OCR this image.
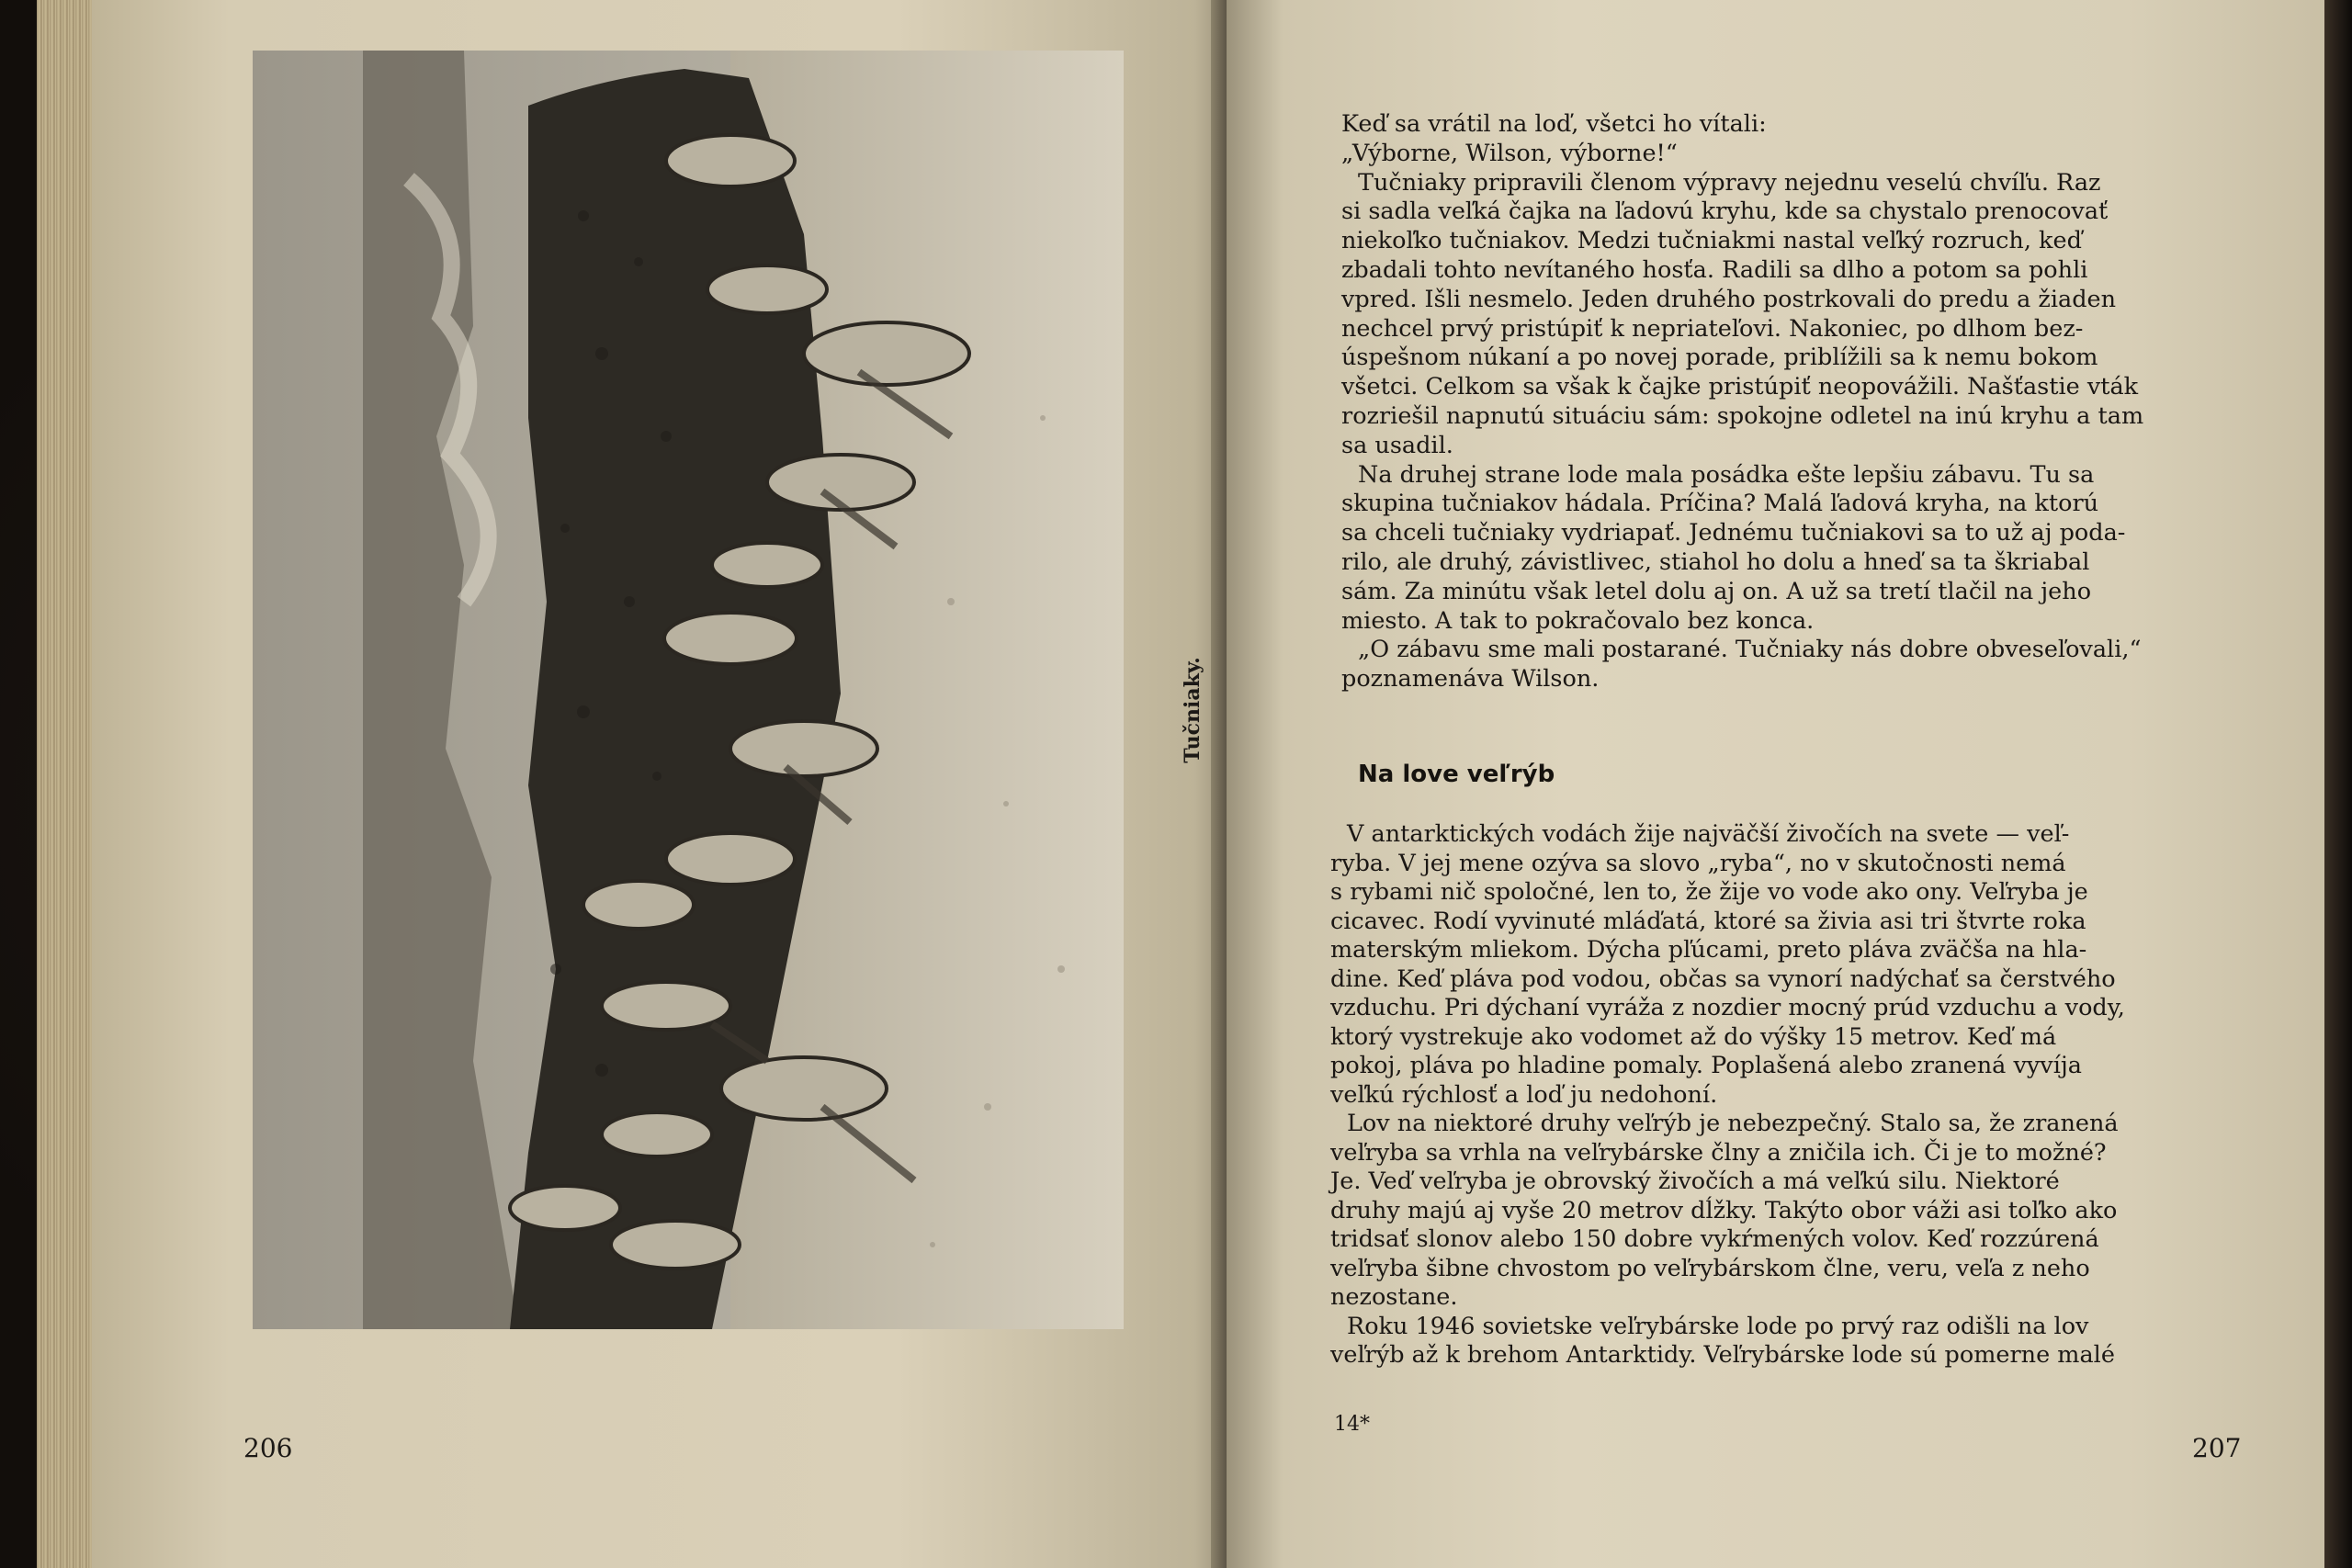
Tučniaky.
206
Keď sa vrátil na loď, všetci ho vítali:
„Výborne, Wilson, výborne!“
Tučniaky pripravili členom výpravy nejednu veselú chvíľu. Raz
si sadla veľká čajka na ľadovú kryhu, kde sa chystalo prenocovať
niekoľko tučniakov. Medzi tučniakmi nastal veľký rozruch, keď
zbadali tohto nevítaného hosťa. Radili sa dlho a potom sa pohli
vpred. Išli nesmelo. Jeden druhého postrkovali do predu a žiaden
nechcel prvý pristúpiť k nepriateľovi. Nakoniec, po dlhom bez-
úspešnom núkaní a po novej porade, priblížili sa k nemu bokom
všetci. Celkom sa však k čajke pristúpiť neopovážili. Našťastie vták
rozriešil napnutú situáciu sám: spokojne odletel na inú kryhu a tam
sa usadil.
Na druhej strane lode mala posádka ešte lepšiu zábavu. Tu sa
skupina tučniakov hádala. Príčina? Malá ľadová kryha, na ktorú
sa chceli tučniaky vydriapať. Jednému tučniakovi sa to už aj poda-
rilo, ale druhý, závistlivec, stiahol ho dolu a hneď sa ta škriabal
sám. Za minútu však letel dolu aj on. A už sa tretí tlačil na jeho
miesto. A tak to pokračovalo bez konca.
„O zábavu sme mali postarané. Tučniaky nás dobre obveseľovali,“
poznamenáva Wilson.
Na love veľrýb
V antarktických vodách žije najväčší živočích na svete — veľ-
ryba. V jej mene ozýva sa slovo „ryba“, no v skutočnosti nemá
s rybami nič spoločné, len to, že žije vo vode ako ony. Veľryba je
cicavec. Rodí vyvinuté mláďatá, ktoré sa živia asi tri štvrte roka
materským mliekom. Dýcha pľúcami, preto pláva zväčša na hla-
dine. Keď pláva pod vodou, občas sa vynorí nadýchať sa čerstvého
vzduchu. Pri dýchaní vyráža z nozdier mocný prúd vzduchu a vody,
ktorý vystrekuje ako vodomet až do výšky 15 metrov. Keď má
pokoj, pláva po hladine pomaly. Poplašená alebo zranená vyvíja
veľkú rýchlosť a loď ju nedohoní.
Lov na niektoré druhy veľrýb je nebezpečný. Stalo sa, že zranená
veľryba sa vrhla na veľrybárske člny a zničila ich. Či je to možné?
Je. Veď veľryba je obrovský živočích a má veľkú silu. Niektoré
druhy majú aj vyše 20 metrov dĺžky. Takýto obor váži asi toľko ako
tridsať slonov alebo 150 dobre vykŕmených volov. Keď rozzúrená
veľryba šibne chvostom po veľrybárskom člne, veru, veľa z neho
nezostane.
Roku 1946 sovietske veľrybárske lode po prvý raz odišli na lov
veľrýb až k brehom Antarktidy. Veľrybárske lode sú pomerne malé
14*
207
